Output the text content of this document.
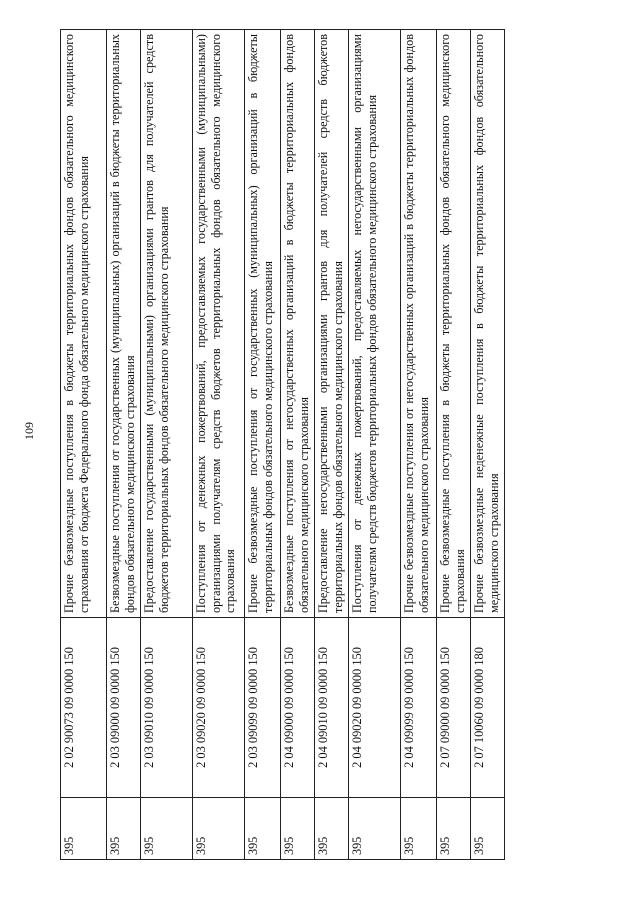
109
395	2 02 90073 09 0000 150	Прочие безвозмездные поступления в бюджеты территориальных фондов обязательного медицинского страхования от бюджета Федерального фонда обязательного медицинского страхования
395	2 03 09000 09 0000 150	Безвозмездные поступления от государственных (муниципальных) организаций в бюджеты территориальных фондов обязательного медицинского страхования
395	2 03 09010 09 0000 150	Предоставление государственными (муниципальными) организациями грантов для получателей средств бюджетов территориальных фондов обязательного медицинского страхования
395	2 03 09020 09 0000 150	Поступления от денежных пожертвований, предоставляемых государственными (муниципальными) организациями получателям средств бюджетов территориальных фондов обязательного медицинского страхования
395	2 03 09099 09 0000 150	Прочие безвозмездные поступления от государственных (муниципальных) организаций в бюджеты территориальных фондов обязательного медицинского страхования
395	2 04 09000 09 0000 150	Безвозмездные поступления от негосударственных организаций в бюджеты территориальных фондов обязательного медицинского страхования
395	2 04 09010 09 0000 150	Предоставление негосударственными организациями грантов для получателей средств бюджетов территориальных фондов обязательного медицинского страхования
395	2 04 09020 09 0000 150	Поступления от денежных пожертвований, предоставляемых негосударственными организациями получателям средств бюджетов территориальных фондов обязательного медицинского страхования
395	2 04 09099 09 0000 150	Прочие безвозмездные поступления от негосударственных организаций в бюджеты территориальных фондов обязательного медицинского страхования
395	2 07 09000 09 0000 150	Прочие безвозмездные поступления в бюджеты территориальных фондов обязательного медицинского страхования
395	2 07 10060 09 0000 180	Прочие безвозмездные неденежные поступления в бюджеты территориальных фондов обязательного медицинского страхования
